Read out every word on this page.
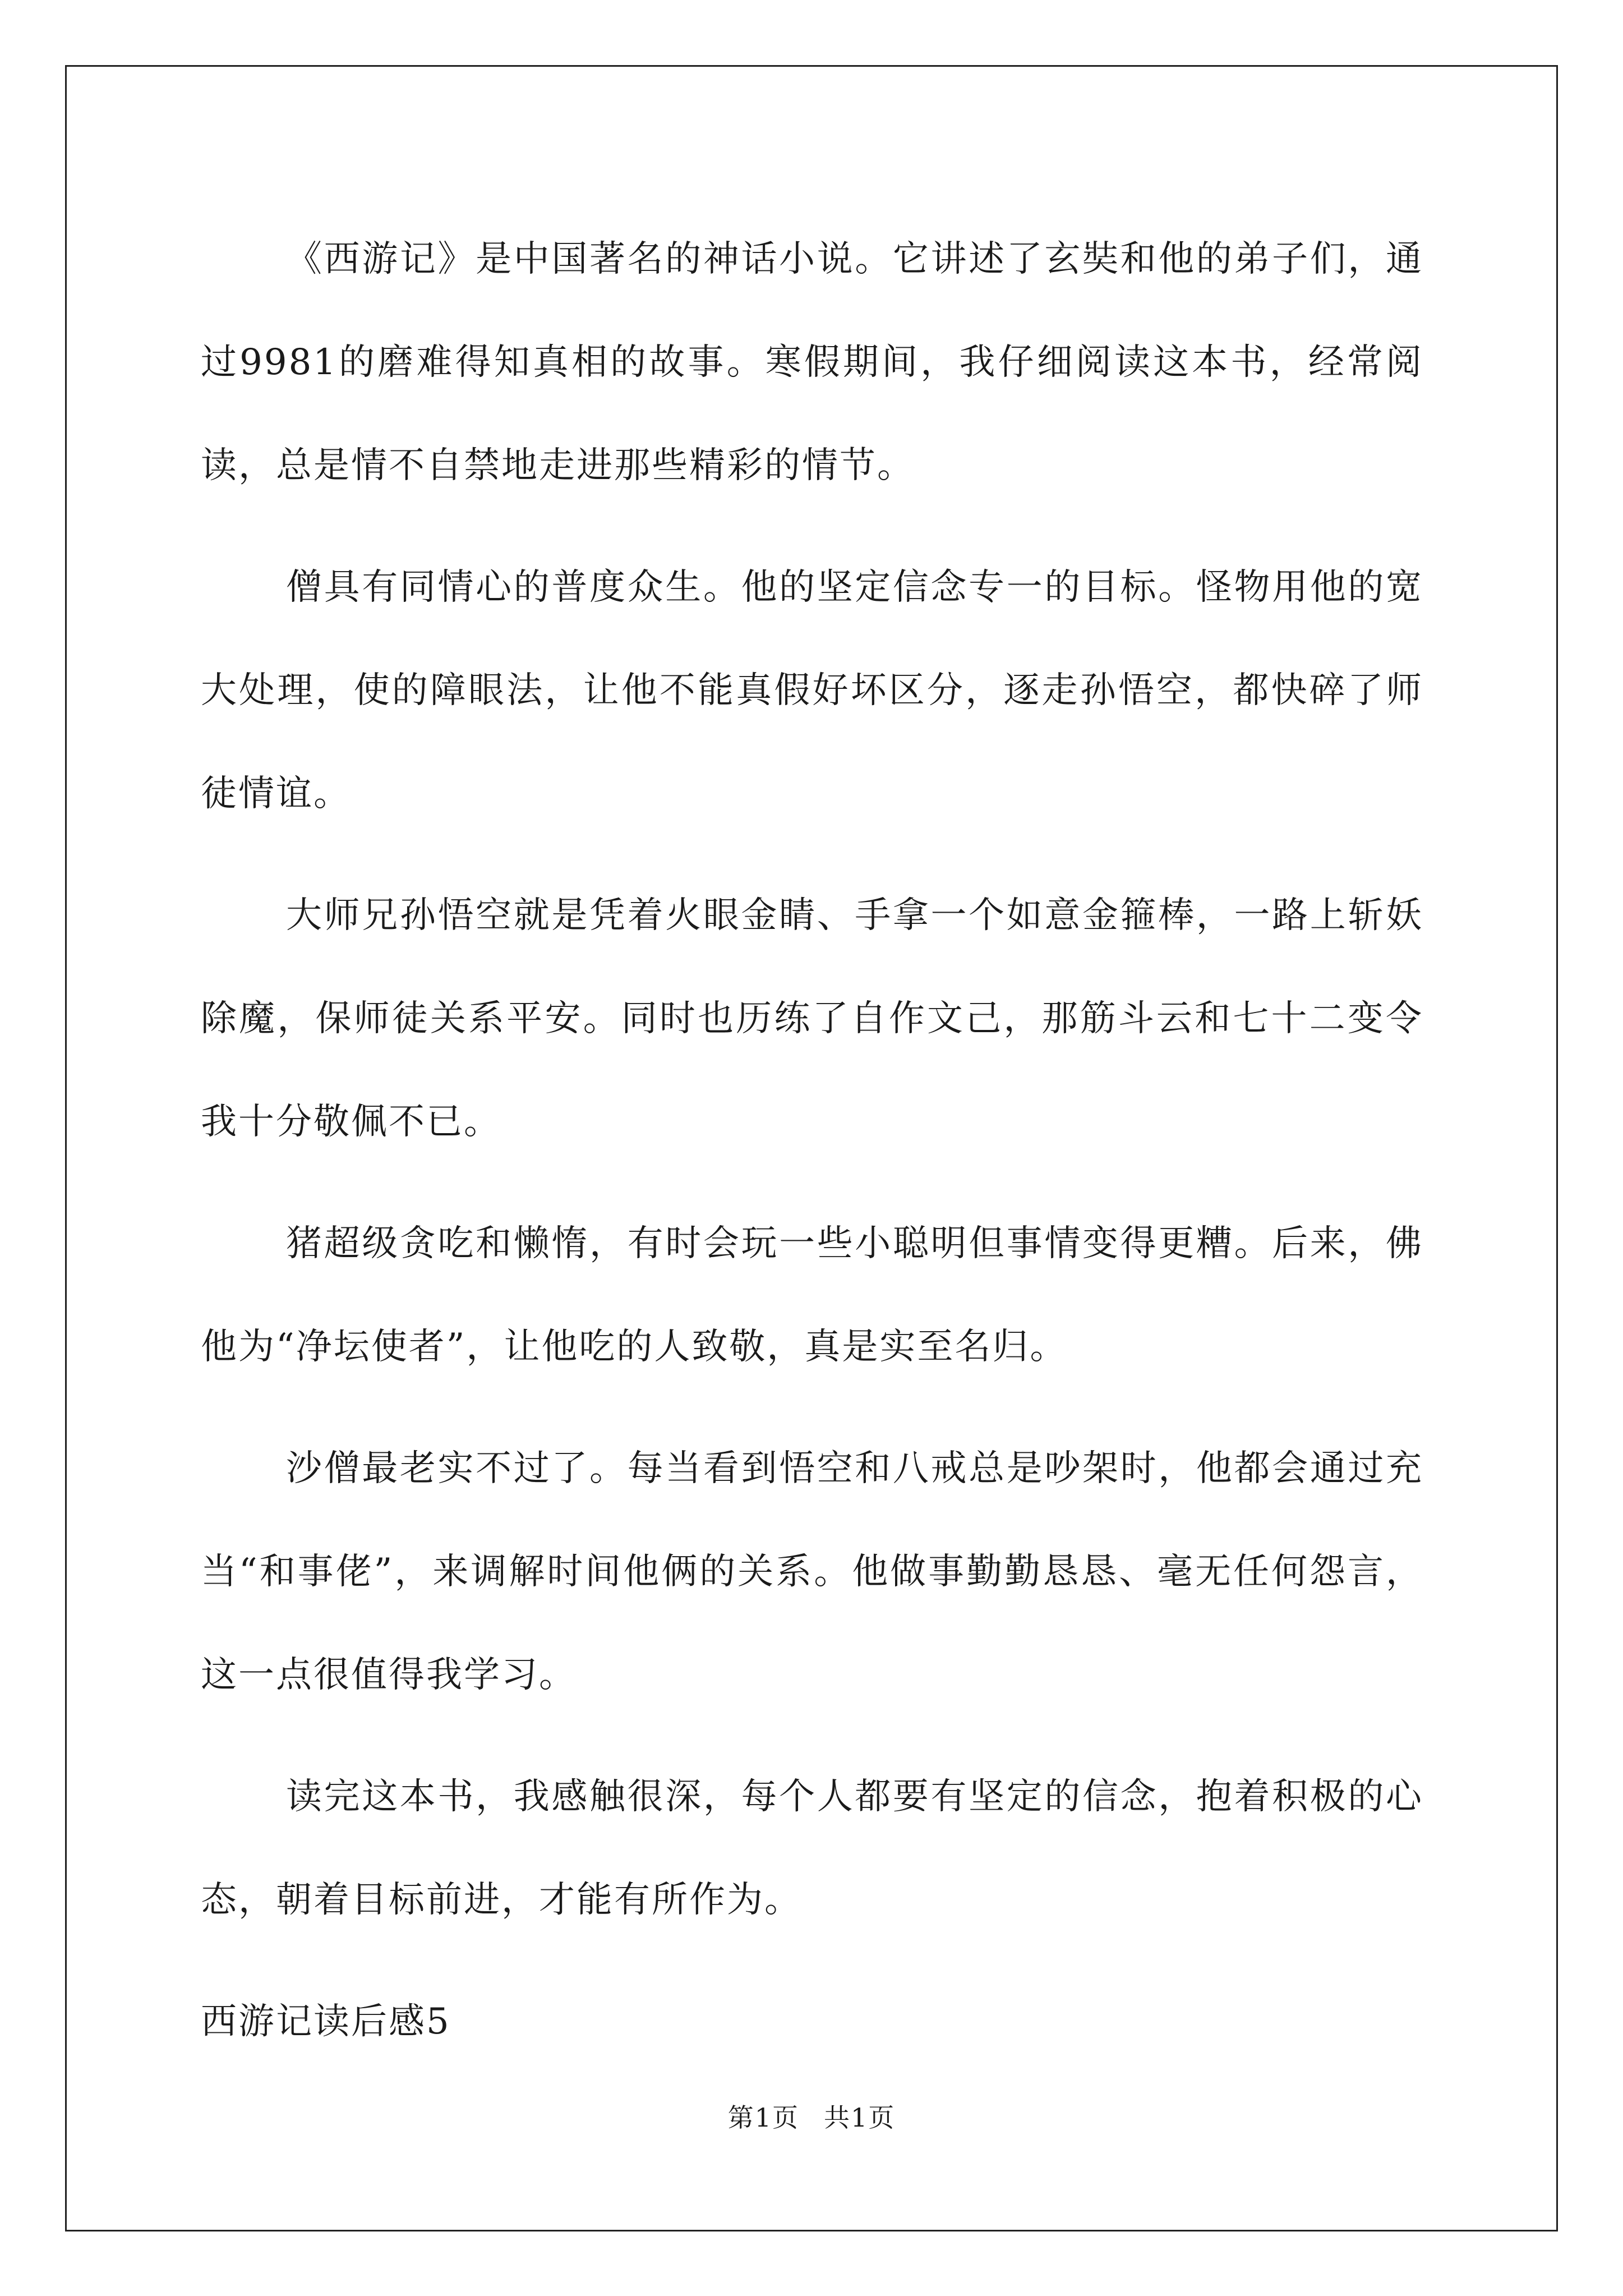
《西游记》是中国著名的神话小说。它讲述了玄奘和他的弟子们，通过9981的磨难得知真相的故事。寒假期间，我仔细阅读这本书，经常阅读，总是情不自禁地走进那些精彩的情节。

僧具有同情心的普度众生。他的坚定信念专一的目标。怪物用他的宽大处理，使的障眼法，让他不能真假好坏区分，逐走孙悟空，都快碎了师徒情谊。

大师兄孙悟空就是凭着火眼金睛、手拿一个如意金箍棒，一路上斩妖除魔，保师徒关系平安。同时也历练了自作文己，那筋斗云和七十二变令我十分敬佩不已。

猪超级贪吃和懒惰，有时会玩一些小聪明但事情变得更糟。后来，佛他为“净坛使者”，让他吃的人致敬，真是实至名归。

沙僧最老实不过了。每当看到悟空和八戒总是吵架时，他都会通过充当“和事佬”，来调解时间他俩的关系。他做事勤勤恳恳、毫无任何怨言，这一点很值得我学习。

读完这本书，我感触很深，每个人都要有坚定的信念，抱着积极的心态，朝着目标前进，才能有所作为。

西游记读后感5

第1页 共1页
